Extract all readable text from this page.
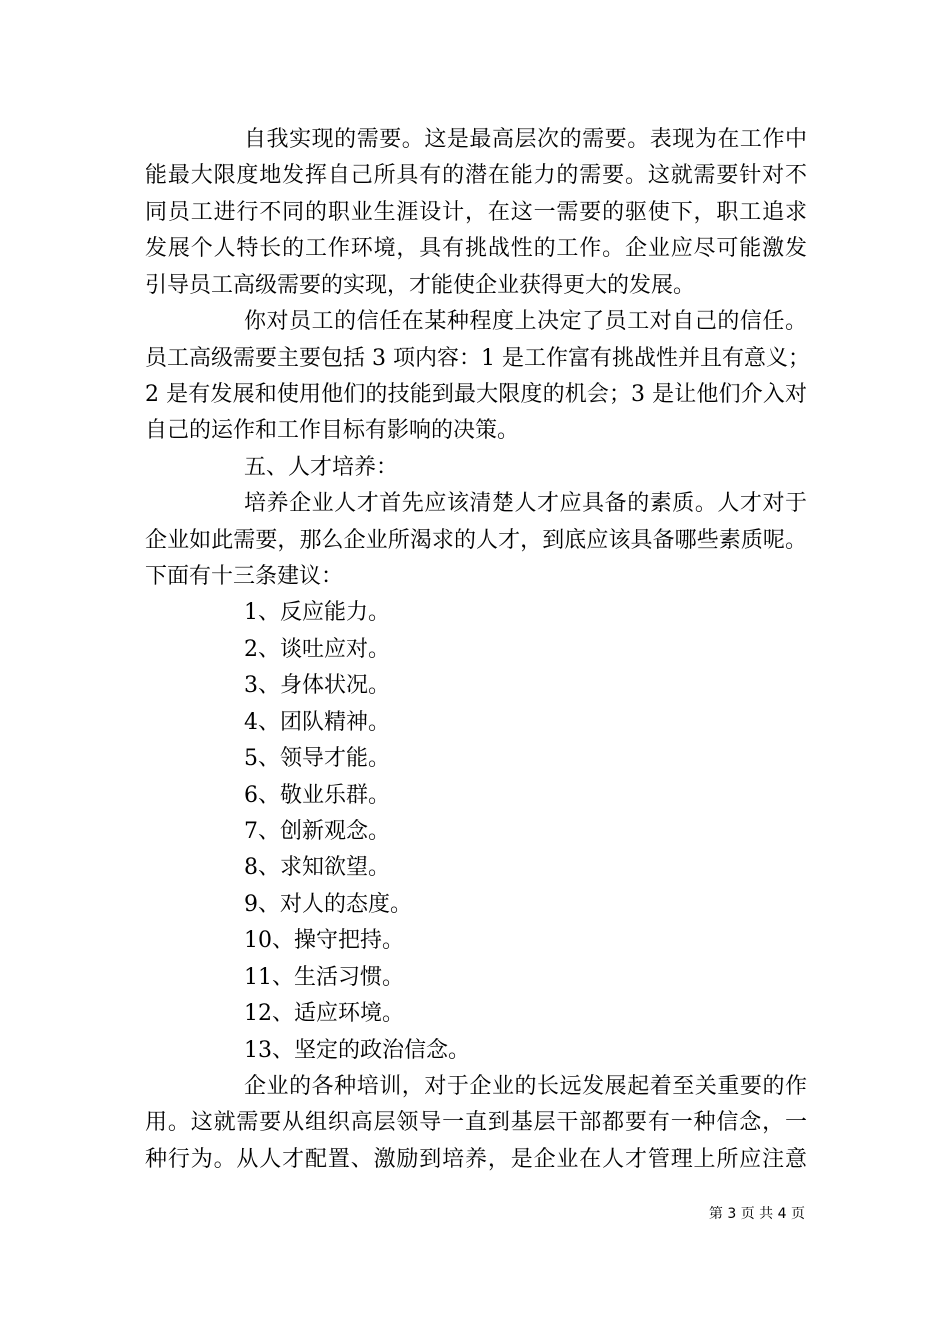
自我实现的需要。这是最高层次的需要。表现为在工作中
能最大限度地发挥自己所具有的潜在能力的需要。这就需要针对不
同员工进行不同的职业生涯设计，在这一需要的驱使下，职工追求
发展个人特长的工作环境，具有挑战性的工作。企业应尽可能激发
引导员工高级需要的实现，才能使企业获得更大的发展。
你对员工的信任在某种程度上决定了员工对自己的信任。
员工高级需要主要包括 3 项内容：1 是工作富有挑战性并且有意义；
2 是有发展和使用他们的技能到最大限度的机会；3 是让他们介入对
自己的运作和工作目标有影响的决策。
五、人才培养：
培养企业人才首先应该清楚人才应具备的素质。人才对于
企业如此需要，那么企业所渴求的人才，到底应该具备哪些素质呢。
下面有十三条建议：
1、反应能力。
2、谈吐应对。
3、身体状况。
4、团队精神。
5、领导才能。
6、敬业乐群。
7、创新观念。
8、求知欲望。
9、对人的态度。
10、操守把持。
11、生活习惯。
12、适应环境。
13、坚定的政治信念。
企业的各种培训，对于企业的长远发展起着至关重要的作
用。这就需要从组织高层领导一直到基层干部都要有一种信念，一
种行为。从人才配置、激励到培养，是企业在人才管理上所应注意
第 3 页 共 4 页
